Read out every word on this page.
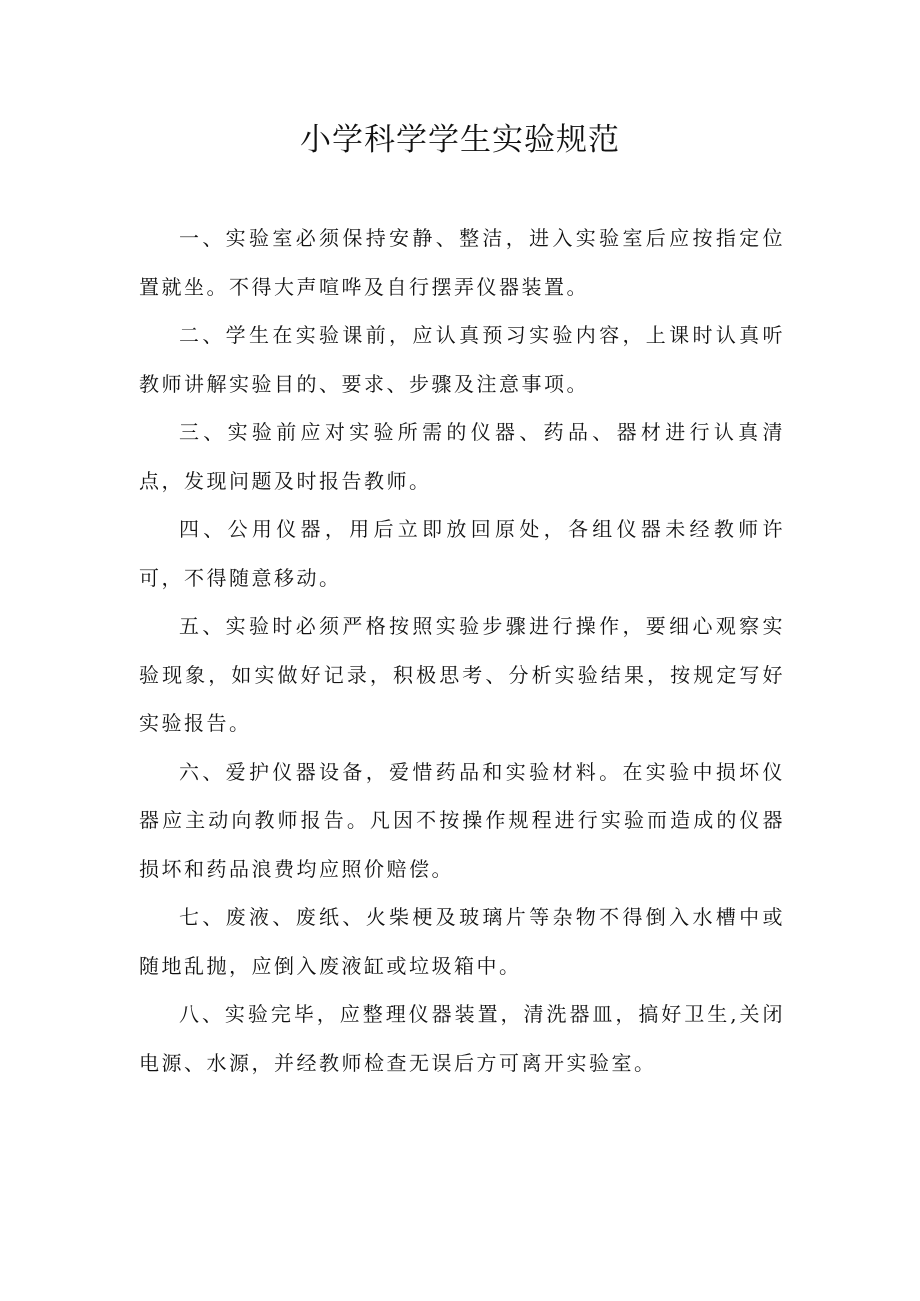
小学科学学生实验规范

一、实验室必须保持安静、整洁，进入实验室后应按指定位置就坐。不得大声喧哗及自行摆弄仪器装置。

二、学生在实验课前，应认真预习实验内容，上课时认真听教师讲解实验目的、要求、步骤及注意事项。

三、实验前应对实验所需的仪器、药品、器材进行认真清点，发现问题及时报告教师。

四、公用仪器，用后立即放回原处，各组仪器未经教师许可，不得随意移动。

五、实验时必须严格按照实验步骤进行操作，要细心观察实验现象，如实做好记录，积极思考、分析实验结果，按规定写好实验报告。

六、爱护仪器设备，爱惜药品和实验材料。在实验中损坏仪器应主动向教师报告。凡因不按操作规程进行实验而造成的仪器损坏和药品浪费均应照价赔偿。

七、废液、废纸、火柴梗及玻璃片等杂物不得倒入水槽中或随地乱抛，应倒入废液缸或垃圾箱中。

八、实验完毕，应整理仪器装置，清洗器皿，搞好卫生,关闭电源、水源，并经教师检查无误后方可离开实验室。
